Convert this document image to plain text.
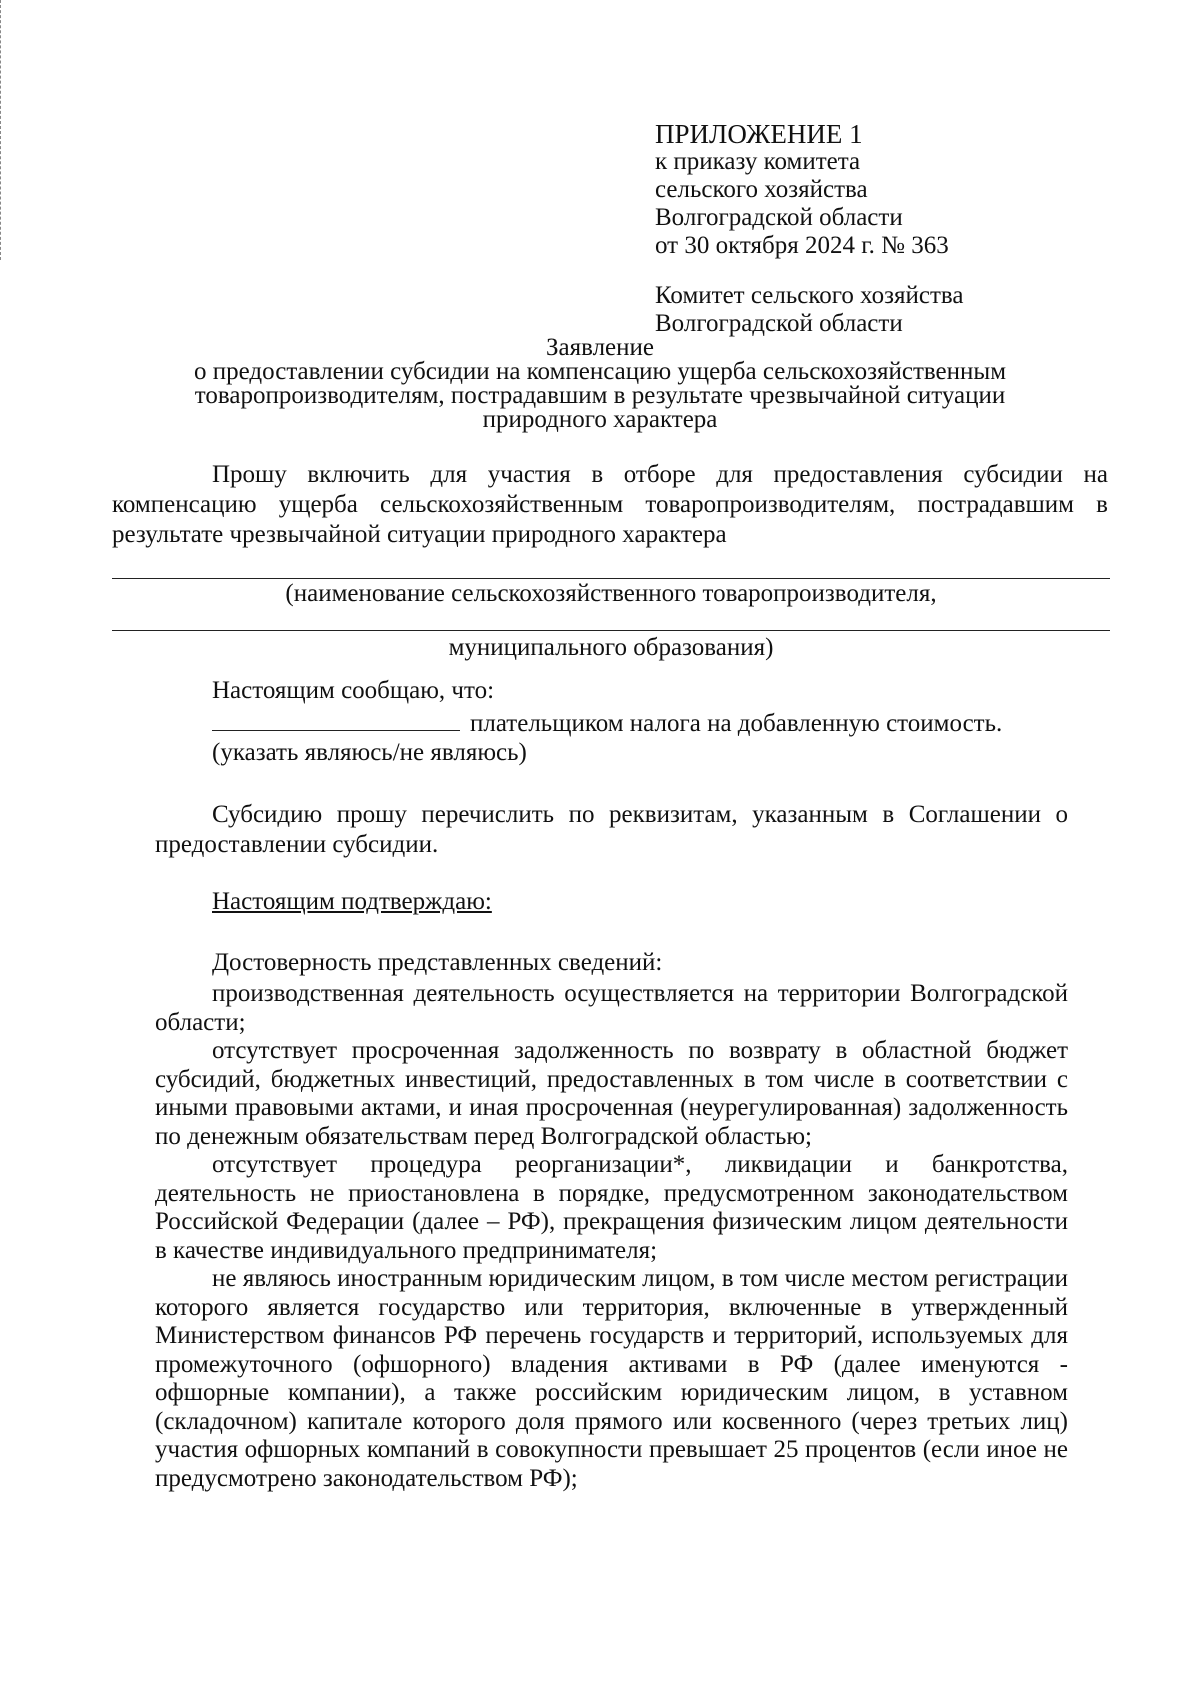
ПРИЛОЖЕНИЕ 1
к приказу комитета
сельского хозяйства
Волгоградской области
от 30 октября 2024 г. № 363
Комитет сельского хозяйства
Волгоградской области
Заявление
о предоставлении субсидии на компенсацию ущерба сельскохозяйственным
товаропроизводителям, пострадавшим в результате чрезвычайной ситуации
природного характера
Прошу включить для участия в отборе для предоставления субсидии на компенсацию ущерба сельскохозяйственным товаропроизводителям, пострадавшим в результате чрезвычайной ситуации природного характера
(наименование сельскохозяйственного товаропроизводителя,
муниципального образования)
Настоящим сообщаю, что:
плательщиком налога на добавленную стоимость.
(указать являюсь/не являюсь)
Субсидию прошу перечислить по реквизитам, указанным в Соглашении о предоставлении субсидии.
Настоящим подтверждаю:
Достоверность представленных сведений:

производственная деятельность осуществляется на территории Волгоградской области;

отсутствует просроченная задолженность по возврату в областной бюджет субсидий, бюджетных инвестиций, предоставленных в том числе в соответствии с иными правовыми актами, и иная просроченная (неурегулированная) задолженность по денежным обязательствам перед Волгоградской областью;

отсутствует процедура реорганизации*, ликвидации и банкротства, деятельность не приостановлена в порядке, предусмотренном законодательством Российской Федерации (далее – РФ), прекращения физическим лицом деятельности в качестве индивидуального предпринимателя;

не являюсь иностранным юридическим лицом, в том числе местом регистрации которого является государство или территория, включенные в утвержденный Министерством финансов РФ перечень государств и территорий, используемых для промежуточного (офшорного) владения активами в РФ (далее именуются - офшорные компании), а также российским юридическим лицом, в уставном (складочном) капитале которого доля прямого или косвенного (через третьих лиц) участия офшорных компаний в совокупности превышает 25 процентов (если иное не предусмотрено законодательством РФ);
